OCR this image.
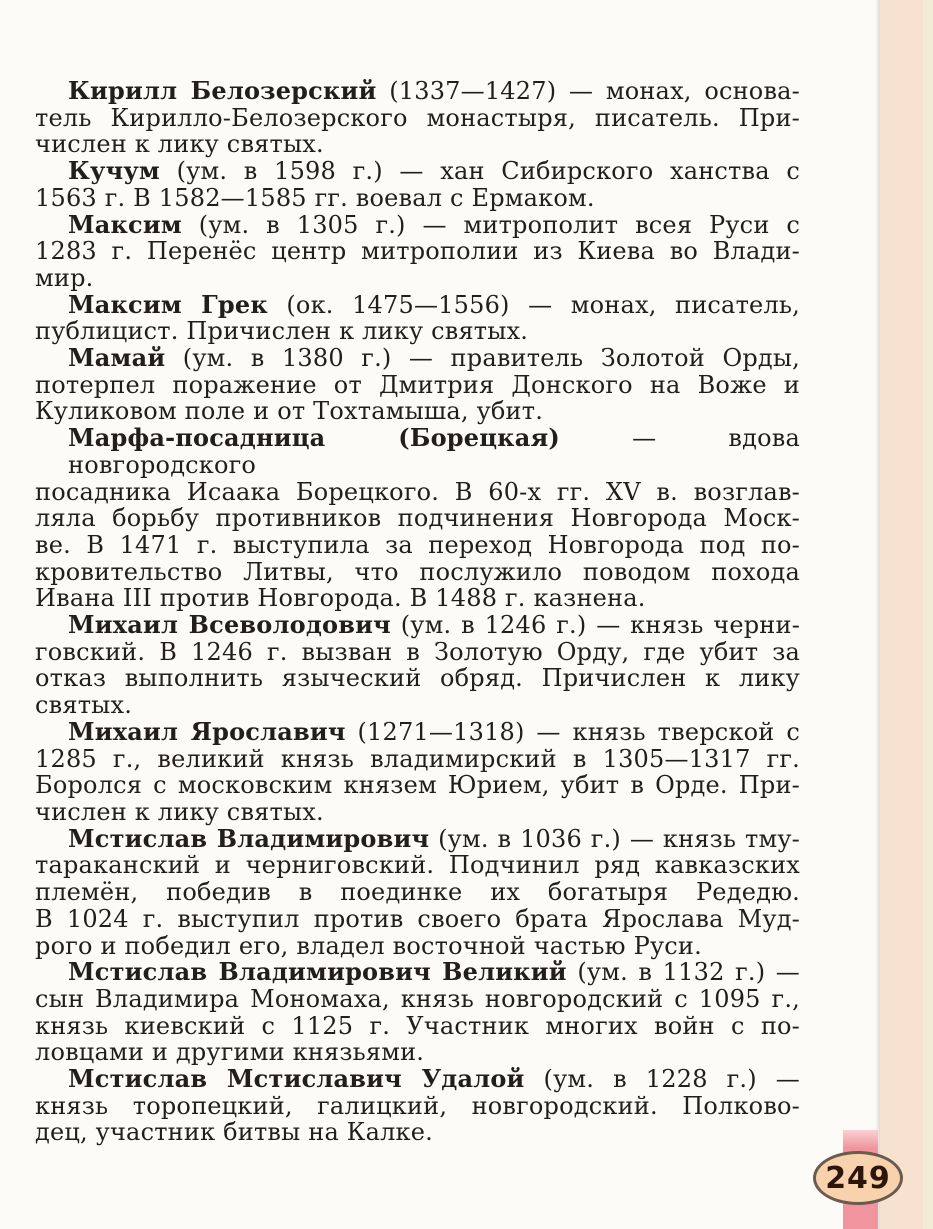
Кирилл Белозерский (1337—1427) — монах, основа-
тель Кирилло-Белозерского монастыря, писатель. При-
числен к лику святых.

Кучум (ум. в 1598 г.) — хан Сибирского ханства с
1563 г. В 1582—1585 гг. воевал с Ермаком.

Максим (ум. в 1305 г.) — митрополит всея Руси с
1283 г. Перенёс центр митрополии из Киева во Влади-
мир.

Максим Грек (ок. 1475—1556) — монах, писатель,
публицист. Причислен к лику святых.

Мамай (ум. в 1380 г.) — правитель Золотой Орды,
потерпел поражение от Дмитрия Донского на Воже и
Куликовом поле и от Тохтамыша, убит.

Марфа-посадница (Борецкая) — вдова новгородского
посадника Исаака Борецкого. В 60-х гг. XV в. возглав-
ляла борьбу противников подчинения Новгорода Моск-
ве. В 1471 г. выступила за переход Новгорода под по-
кровительство Литвы, что послужило поводом похода
Ивана III против Новгорода. В 1488 г. казнена.

Михаил Всеволодович (ум. в 1246 г.) — князь черни-
говский. В 1246 г. вызван в Золотую Орду, где убит за
отказ выполнить языческий обряд. Причислен к лику
святых.

Михаил Ярославич (1271—1318) — князь тверской с
1285 г., великий князь владимирский в 1305—1317 гг.
Боролся с московским князем Юрием, убит в Орде. При-
числен к лику святых.

Мстислав Владимирович (ум. в 1036 г.) — князь тму-
тараканский и черниговский. Подчинил ряд кавказских
племён, победив в поединке их богатыря Редедю.
В 1024 г. выступил против своего брата Ярослава Муд-
рого и победил его, владел восточной частью Руси.

Мстислав Владимирович Великий (ум. в 1132 г.) —
сын Владимира Мономаха, князь новгородский с 1095 г.,
князь киевский с 1125 г. Участник многих войн с по-
ловцами и другими князьями.

Мстислав Мстиславич Удалой (ум. в 1228 г.) —
князь торопецкий, галицкий, новгородский. Полково-
дец, участник битвы на Калке.

249
